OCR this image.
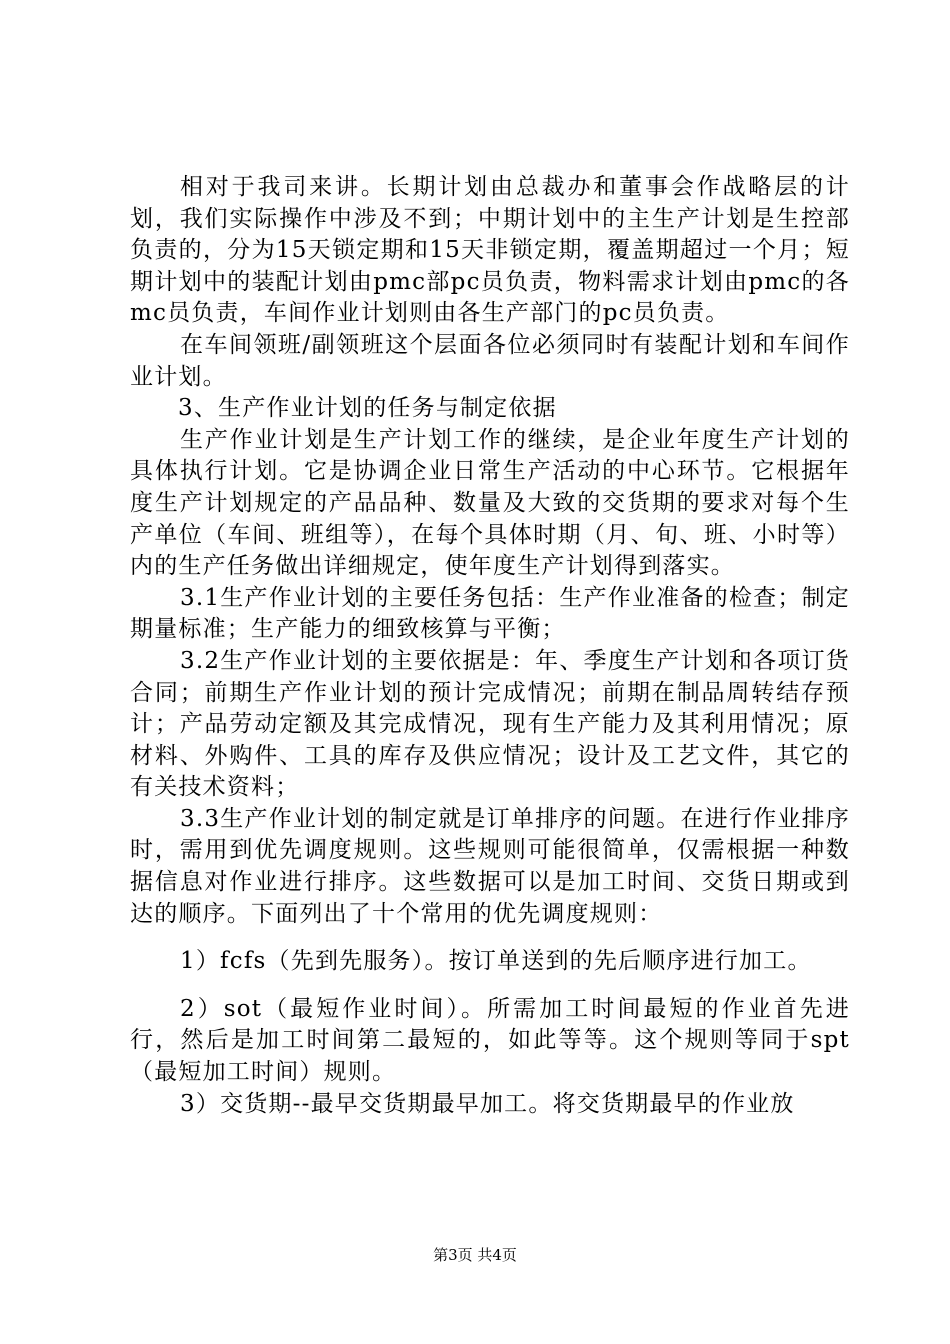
相对于我司来讲。长期计划由总裁办和董事会作战略层的计划，我们实际操作中涉及不到；中期计划中的主生产计划是生控部负责的，分为15天锁定期和15天非锁定期，覆盖期超过一个月；短期计划中的装配计划由pmc部pc员负责，物料需求计划由pmc的各mc员负责，车间作业计划则由各生产部门的pc员负责。

在车间领班/副领班这个层面各位必须同时有装配计划和车间作业计划。

3、生产作业计划的任务与制定依据

生产作业计划是生产计划工作的继续，是企业年度生产计划的具体执行计划。它是协调企业日常生产活动的中心环节。它根据年度生产计划规定的产品品种、数量及大致的交货期的要求对每个生产单位（车间、班组等），在每个具体时期（月、旬、班、小时等）内的生产任务做出详细规定，使年度生产计划得到落实。

3.1生产作业计划的主要任务包括：生产作业准备的检查；制定期量标准；生产能力的细致核算与平衡；

3.2生产作业计划的主要依据是：年、季度生产计划和各项订货合同；前期生产作业计划的预计完成情况；前期在制品周转结存预计；产品劳动定额及其完成情况，现有生产能力及其利用情况；原材料、外购件、工具的库存及供应情况；设计及工艺文件，其它的有关技术资料；

3.3生产作业计划的制定就是订单排序的问题。在进行作业排序时，需用到优先调度规则。这些规则可能很简单，仅需根据一种数据信息对作业进行排序。这些数据可以是加工时间、交货日期或到达的顺序。下面列出了十个常用的优先调度规则：

1）fcfs（先到先服务）。按订单送到的先后顺序进行加工。

2）sot（最短作业时间）。所需加工时间最短的作业首先进行，然后是加工时间第二最短的，如此等等。这个规则等同于spt（最短加工时间）规则。

3）交货期--最早交货期最早加工。将交货期最早的作业放

第3页 共4页
